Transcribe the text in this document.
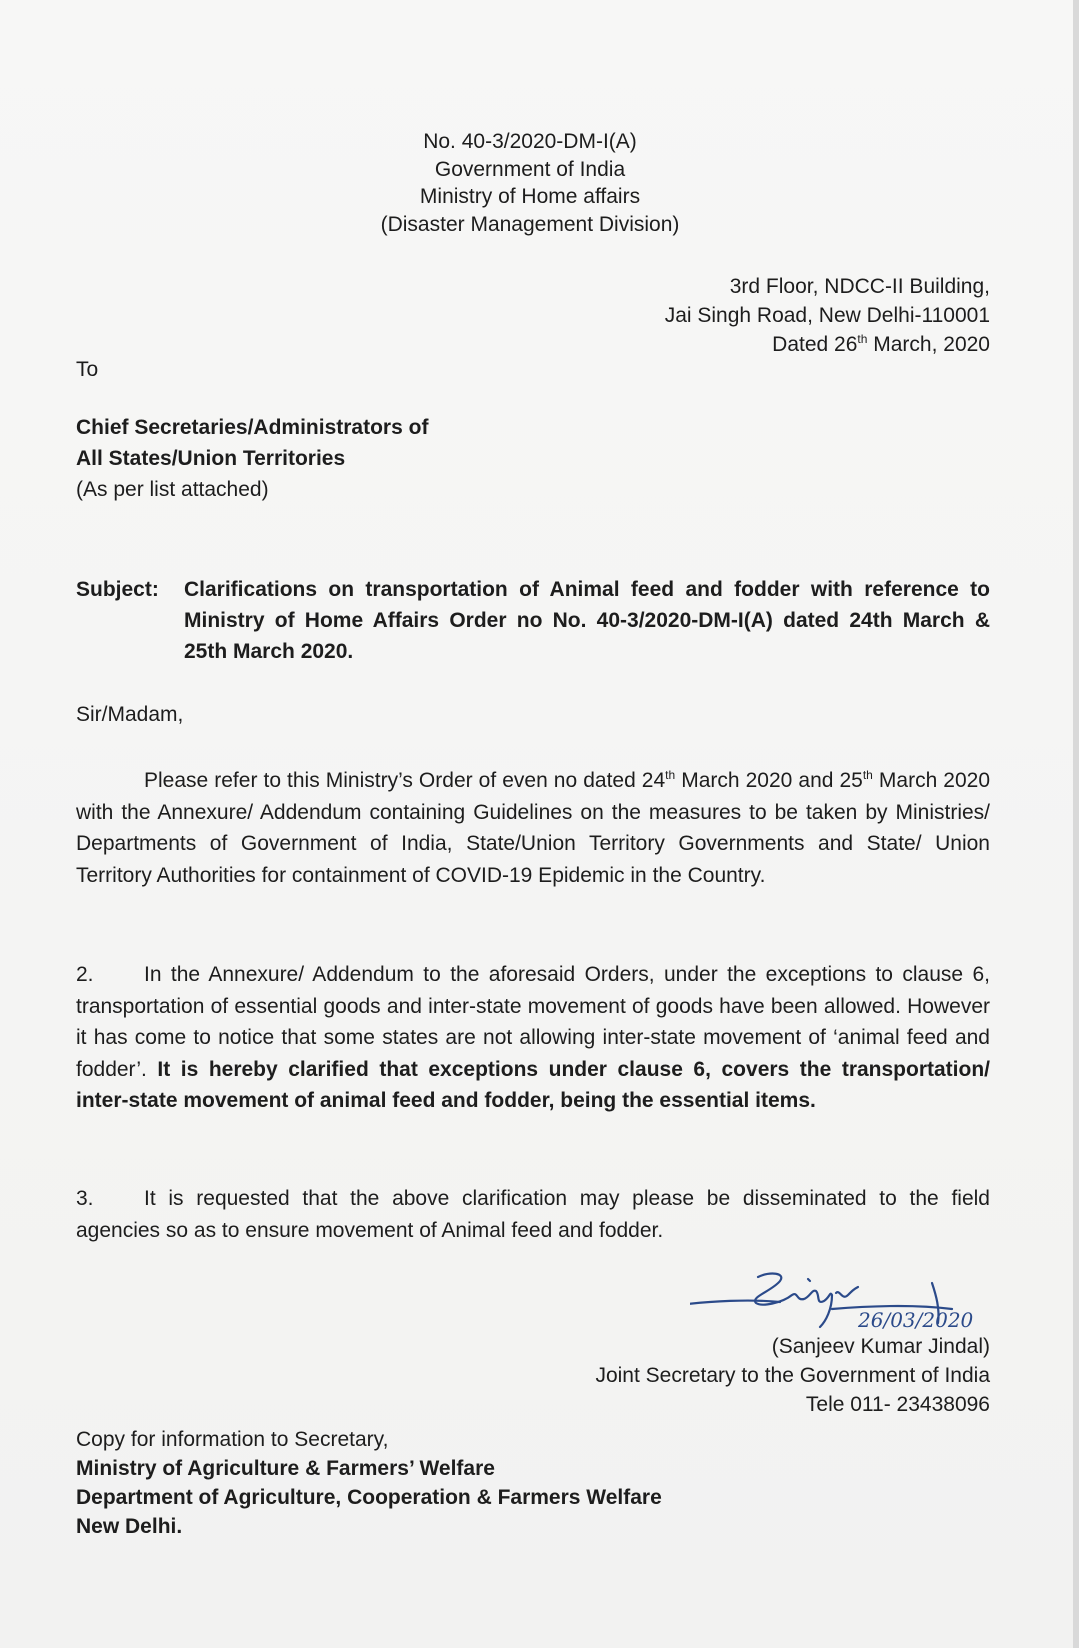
No. 40-3/2020-DM-I(A)
Government of India
Ministry of Home affairs
(Disaster Management Division)
3rd Floor, NDCC-II Building,
Jai Singh Road, New Delhi-110001
Dated 26th March, 2020
To
Chief Secretaries/Administrators of
All States/Union Territories
(As per list attached)
Subject: Clarifications on transportation of Animal feed and fodder with reference to Ministry of Home Affairs Order no No. 40-3/2020-DM-I(A) dated 24th March & 25th March 2020.
Sir/Madam,
Please refer to this Ministry’s Order of even no dated 24th March 2020 and 25th March 2020 with the Annexure/ Addendum containing Guidelines on the measures to be taken by Ministries/ Departments of Government of India, State/Union Territory Governments and State/ Union Territory Authorities for containment of COVID-19 Epidemic in the Country.
2. In the Annexure/ Addendum to the aforesaid Orders, under the exceptions to clause 6, transportation of essential goods and inter-state movement of goods have been allowed. However it has come to notice that some states are not allowing inter-state movement of ‘animal feed and fodder’. It is hereby clarified that exceptions under clause 6, covers the transportation/ inter-state movement of animal feed and fodder, being the essential items.
3. It is requested that the above clarification may please be disseminated to the field agencies so as to ensure movement of Animal feed and fodder.
26/03/2020
(Sanjeev Kumar Jindal)
Joint Secretary to the Government of India
Tele 011- 23438096
Copy for information to Secretary,
Ministry of Agriculture & Farmers’ Welfare
Department of Agriculture, Cooperation & Farmers Welfare
New Delhi.
